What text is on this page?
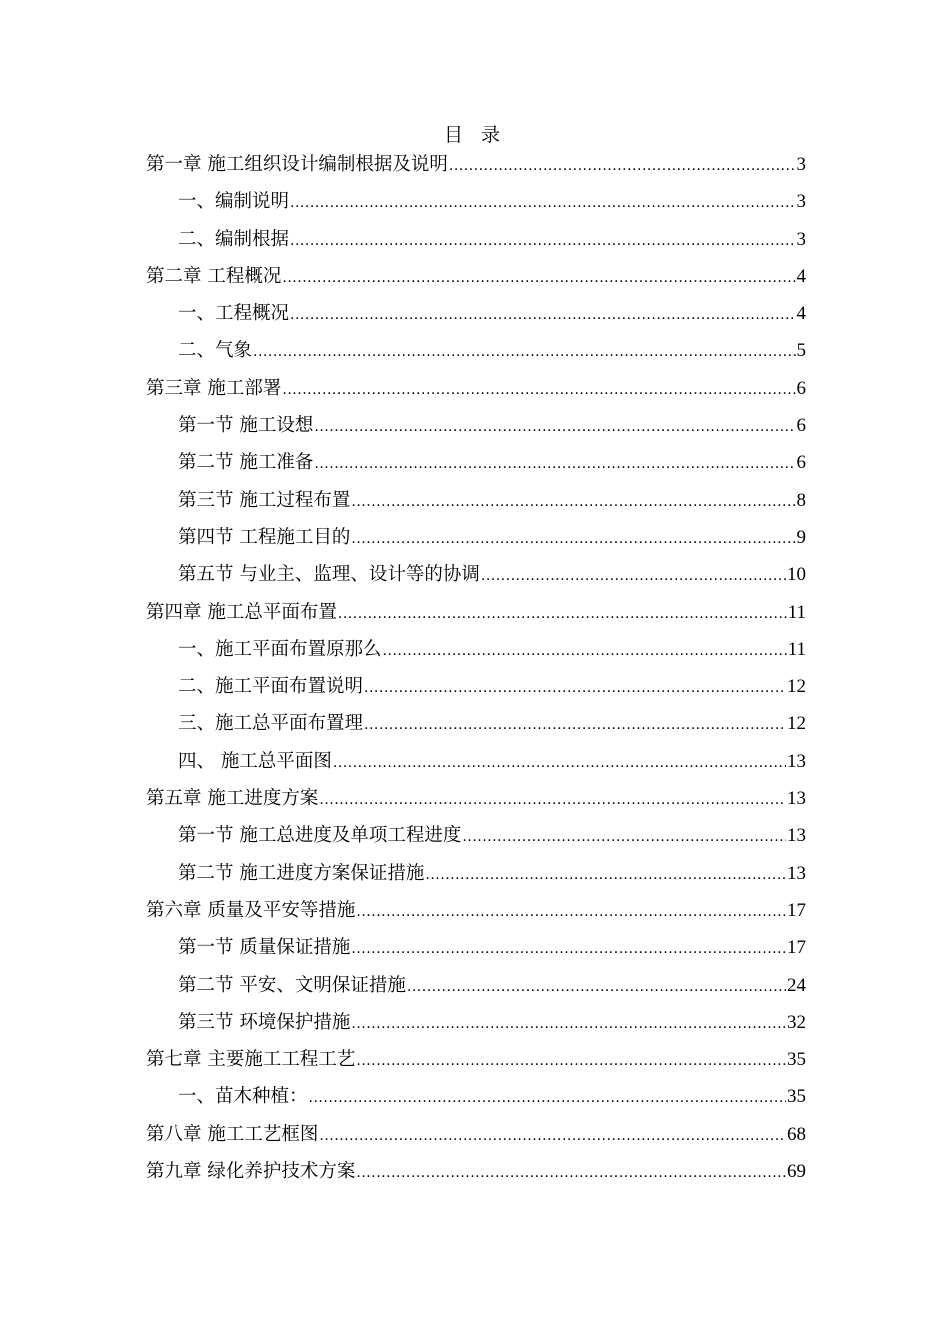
目 录
第一章 施工组织设计编制根据及说明 .....	3
一、编制说明 .....	3
二、编制根据 .....	3
第二章 工程概况 .....	4
一、工程概况 .....	4
二、气象 .....	5
第三章 施工部署 .....	6
第一节 施工设想 .....	6
第二节 施工准备 .....	6
第三节 施工过程布置 .....	8
第四节 工程施工目的 .....	9
第五节 与业主、监理、设计等的协调 .....	10
第四章 施工总平面布置 .....	11
一、施工平面布置原那么 .....	11
二、施工平面布置说明 .....	12
三、施工总平面布置理 .....	12
四、 施工总平面图 .....	13
第五章 施工进度方案 .....	13
第一节 施工总进度及单项工程进度 .....	13
第二节 施工进度方案保证措施 .....	13
第六章 质量及平安等措施 .....	17
第一节 质量保证措施 .....	17
第二节 平安、文明保证措施 .....	24
第三节 环境保护措施 .....	32
第七章 主要施工工程工艺 .....	35
一、苗木种植： .....	35
第八章 施工工艺框图 .....	68
第九章 绿化养护技术方案 .....	69
